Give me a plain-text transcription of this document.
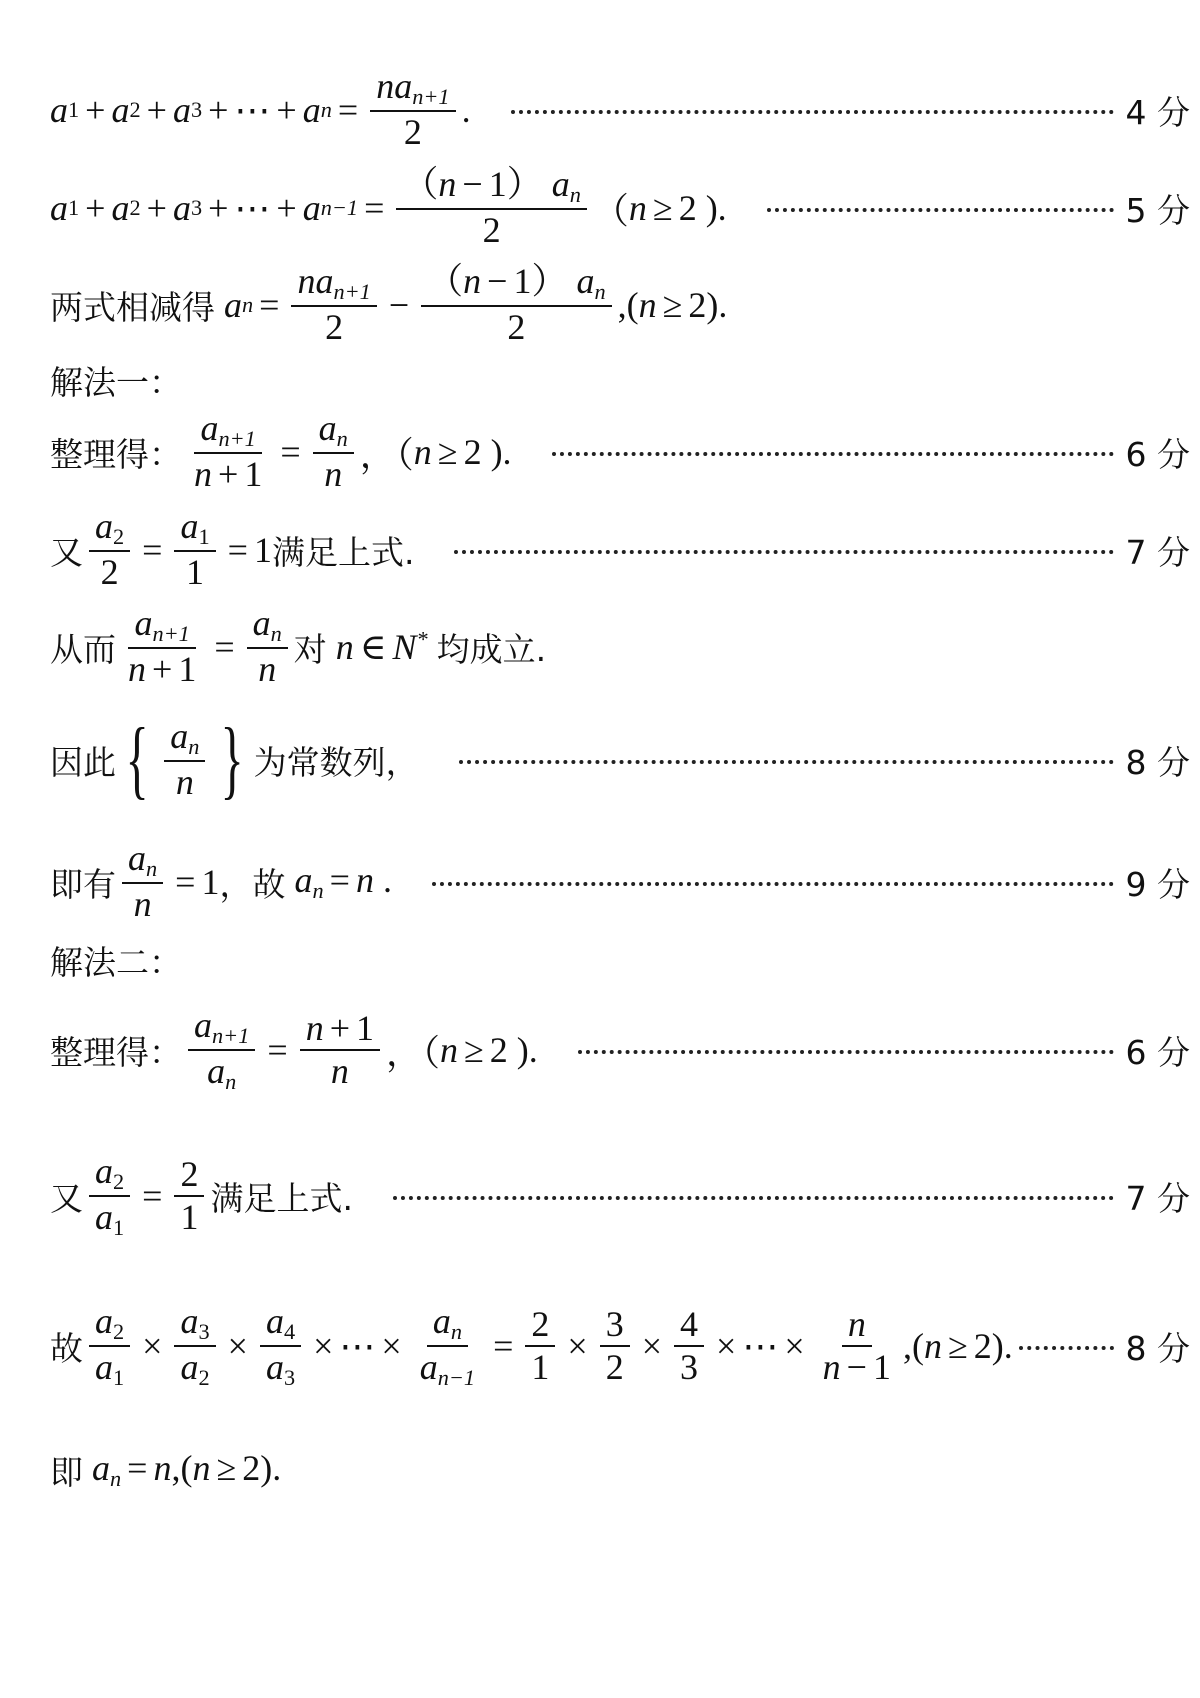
a 1 + a 2 + a 3 + ⋯ + a $n = \frac{na_{n+1}}{2}$ .	4 分
a 1 + a 2 + a 3 + ⋯ + a $n-1 = \frac{(n - 1) a_n}{2}$ （ n ≥ 2 ).	5 分
两式相减得 a $n = \frac{na_{n+1}}{2} - \frac{(n - 1) a_n}{2}$ ,( n ≥ 2).
解法一：
整理得： $\frac{a_{n+1}}{n + 1} = \frac{a_n}{n}$ ，（ n ≥ 2 ).	6 分
又 $\frac{a_2}{2} = \frac{a_1}{1} = 1$ 满足上式.	7 分
从而 $\frac{a_{n+1}}{n + 1} = \frac{a_n}{n}$ 对 n ∈ N* 均成立.
因此 { $\frac{a_n}{n}$ } 为常数列，	8 分
即有 $\frac{a_n}{n} = 1$ ，故 $a_n = n$ .	9 分
解法二：
整理得： $\frac{a_{n+1}}{a_n} = \frac{n + 1}{n}$ ，（ n ≥ 2 ).	6 分
又 $\frac{a_2}{a_1} = \frac{2}{1}$ 满足上式.	7 分
故 $\frac{a_2}{a_1} \times \frac{a_3}{a_2} \times \frac{a_4}{a_3}$ × ⋯ × $\frac{a_n}{a_{n-1}} = \frac{2}{1} \times \frac{3}{2} \times \frac{4}{3}$ × ⋯ × $\frac{n}{n - 1}$ ,( n ≥ 2).	8 分
即 $a_n = n,(n \ge 2)$.
